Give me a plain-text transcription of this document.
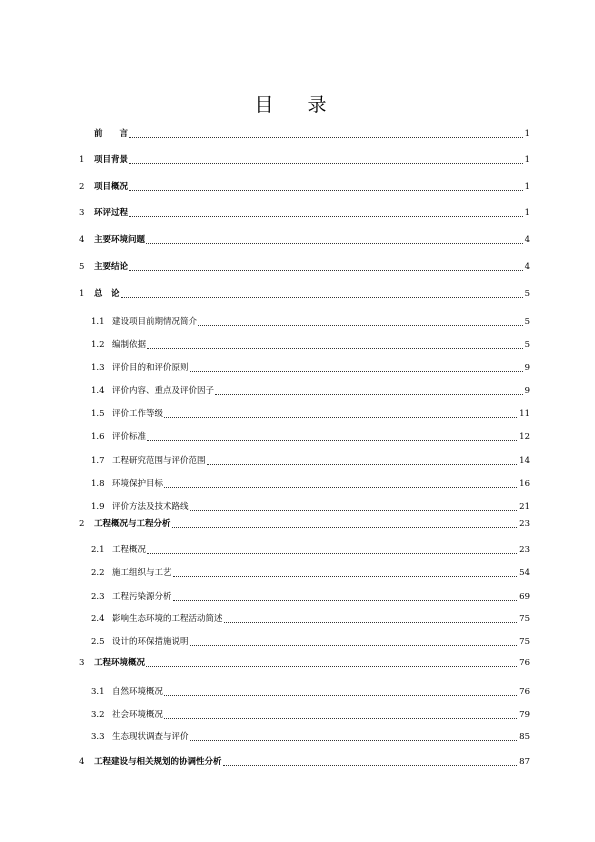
目 录
前　　言	1
1	项目背景	1
2	项目概况	1
3	环评过程	1
4	主要环境问题	4
5	主要结论	4
1	总　论	5
1.1 建设项目前期情况简介	5
1.2 编制依据	5
1.3 评价目的和评价原则	9
1.4 评价内容、重点及评价因子	9
1.5 评价工作等级	11
1.6 评价标准	12
1.7 工程研究范围与评价范围	14
1.8 环境保护目标	16
1.9 评价方法及技术路线	21
2	工程概况与工程分析	23
2.1 工程概况	23
2.2 施工组织与工艺	54
2.3 工程污染源分析	69
2.4 影响生态环境的工程活动简述	75
2.5 设计的环保措施说明	75
3	工程环境概况	76
3.1 自然环境概况	76
3.2 社会环境概况	79
3.3 生态现状调查与评价	85
4	工程建设与相关规划的协调性分析	87
